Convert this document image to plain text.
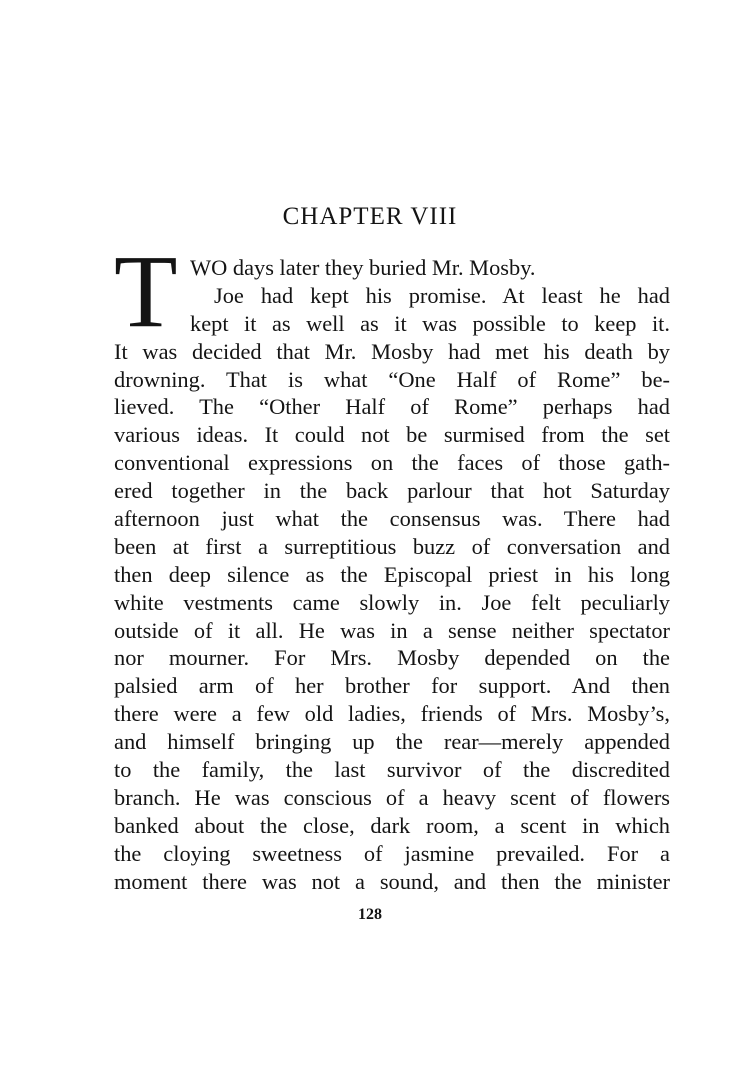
CHAPTER VIII
T WO days later they buried Mr. Mosby.
Joe had kept his promise. At least he had
kept it as well as it was possible to keep it.
It was decided that Mr. Mosby had met his death by
drowning. That is what “One Half of Rome” be-
lieved. The “Other Half of Rome” perhaps had
various ideas. It could not be surmised from the set
conventional expressions on the faces of those gath-
ered together in the back parlour that hot Saturday
afternoon just what the consensus was. There had
been at first a surreptitious buzz of conversation and
then deep silence as the Episcopal priest in his long
white vestments came slowly in. Joe felt peculiarly
outside of it all. He was in a sense neither spectator
nor mourner. For Mrs. Mosby depended on the
palsied arm of her brother for support. And then
there were a few old ladies, friends of Mrs. Mosby’s,
and himself bringing up the rear—merely appended
to the family, the last survivor of the discredited
branch. He was conscious of a heavy scent of flowers
banked about the close, dark room, a scent in which
the cloying sweetness of jasmine prevailed. For a
moment there was not a sound, and then the minister
128
